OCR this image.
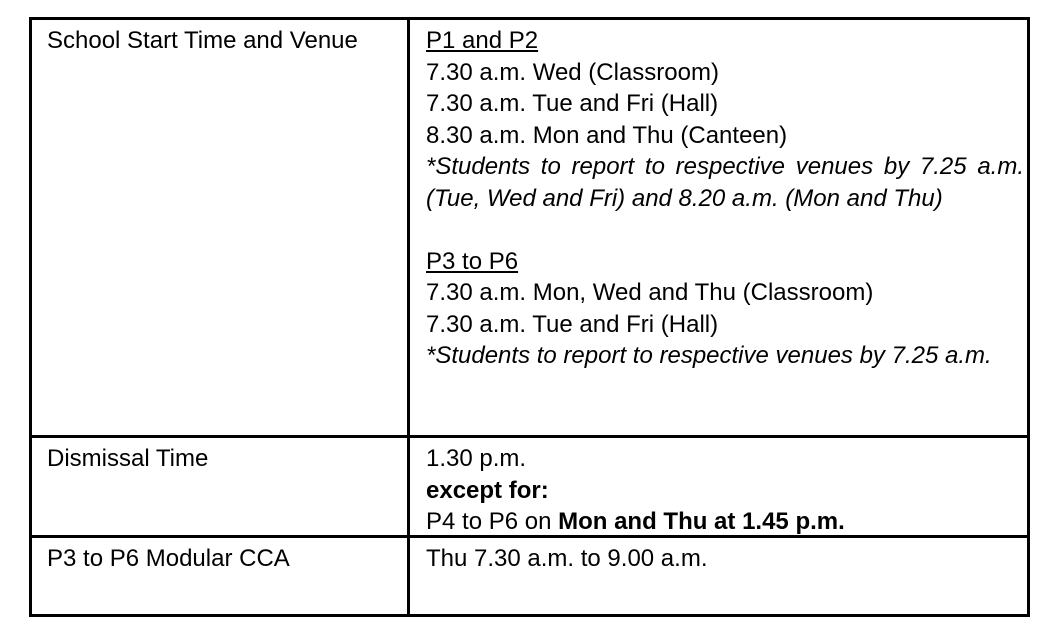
School Start Time and Venue	P1 and P2
7.30 a.m. Wed (Classroom)
7.30 a.m. Tue and Fri (Hall)
8.30 a.m. Mon and Thu (Canteen)
*Students to report to respective venues by 7.25 a.m. (Tue, Wed and Fri) and 8.20 a.m. (Mon and Thu)
P3 to P6
7.30 a.m. Mon, Wed and Thu (Classroom)
7.30 a.m. Tue and Fri (Hall)
*Students to report to respective venues by 7.25 a.m.
Dismissal Time	1.30 p.m.
except for:
P4 to P6 on Mon and Thu at 1.45 p.m.
P3 to P6 Modular CCA	Thu 7.30 a.m. to 9.00 a.m.
